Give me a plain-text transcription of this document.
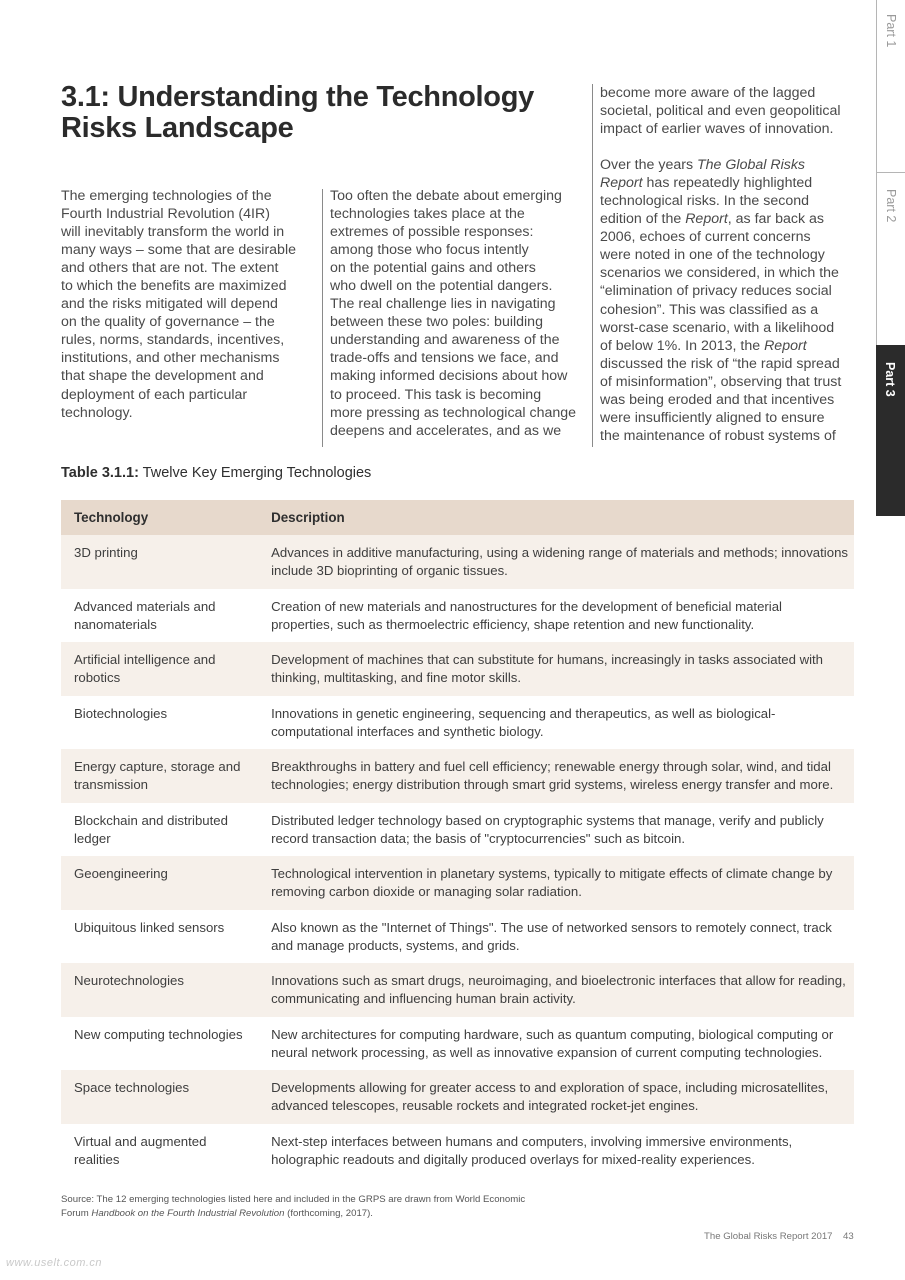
3.1: Understanding the Technology
Risks Landscape
The emerging technologies of the
Fourth Industrial Revolution (4IR)
will inevitably transform the world in
many ways – some that are desirable
and others that are not. The extent
to which the benefits are maximized
and the risks mitigated will depend
on the quality of governance – the
rules, norms, standards, incentives,
institutions, and other mechanisms
that shape the development and
deployment of each particular
technology.
Too often the debate about emerging
technologies takes place at the
extremes of possible responses:
among those who focus intently
on the potential gains and others
who dwell on the potential dangers.
The real challenge lies in navigating
between these two poles: building
understanding and awareness of the
trade-offs and tensions we face, and
making informed decisions about how
to proceed. This task is becoming
more pressing as technological change
deepens and accelerates, and as we

become more aware of the lagged
societal, political and even geopolitical
impact of earlier waves of innovation.

Over the years The Global Risks
Report has repeatedly highlighted
technological risks. In the second
edition of the Report, as far back as
2006, echoes of current concerns
were noted in one of the technology
scenarios we considered, in which the
“elimination of privacy reduces social
cohesion”. This was classified as a
worst-case scenario, with a likelihood
of below 1%. In 2013, the Report
discussed the risk of “the rapid spread
of misinformation”, observing that trust
was being eroded and that incentives
were insufficiently aligned to ensure
the maintenance of robust systems of

Part 1
Part 2
Part 3

Table 3.1.1: Twelve Key Emerging Technologies

Technology	Description

3D printing	Advances in additive manufacturing, using a widening range of materials and methods; innovations
include 3D bioprinting of organic tissues.

Advanced materials and
nanomaterials	Creation of new materials and nanostructures for the development of beneficial material
properties, such as thermoelectric efficiency, shape retention and new functionality.

Artificial intelligence and
robotics	Development of machines that can substitute for humans, increasingly in tasks associated with
thinking, multitasking, and fine motor skills.

Biotechnologies	Innovations in genetic engineering, sequencing and therapeutics, as well as biological-
computational interfaces and synthetic biology.

Energy capture, storage and
transmission	Breakthroughs in battery and fuel cell efficiency; renewable energy through solar, wind, and tidal
technologies; energy distribution through smart grid systems, wireless energy transfer and more.

Blockchain and distributed
ledger	Distributed ledger technology based on cryptographic systems that manage, verify and publicly
record transaction data; the basis of "cryptocurrencies" such as bitcoin.

Geoengineering	Technological intervention in planetary systems, typically to mitigate effects of climate change by
removing carbon dioxide or managing solar radiation.

Ubiquitous linked sensors	Also known as the "Internet of Things". The use of networked sensors to remotely connect, track
and manage products, systems, and grids.

Neurotechnologies	Innovations such as smart drugs, neuroimaging, and bioelectronic interfaces that allow for reading,
communicating and influencing human brain activity.

New computing technologies	New architectures for computing hardware, such as quantum computing, biological computing or
neural network processing, as well as innovative expansion of current computing technologies.

Space technologies	Developments allowing for greater access to and exploration of space, including microsatellites,
advanced telescopes, reusable rockets and integrated rocket-jet engines.

Virtual and augmented
realities	Next-step interfaces between humans and computers, involving immersive environments,
holographic readouts and digitally produced overlays for mixed-reality experiences.

Source: The 12 emerging technologies listed here and included in the GRPS are drawn from World Economic
Forum Handbook on the Fourth Industrial Revolution (forthcoming, 2017).

The Global Risks Report 2017 43

www.uselt.com.cn
